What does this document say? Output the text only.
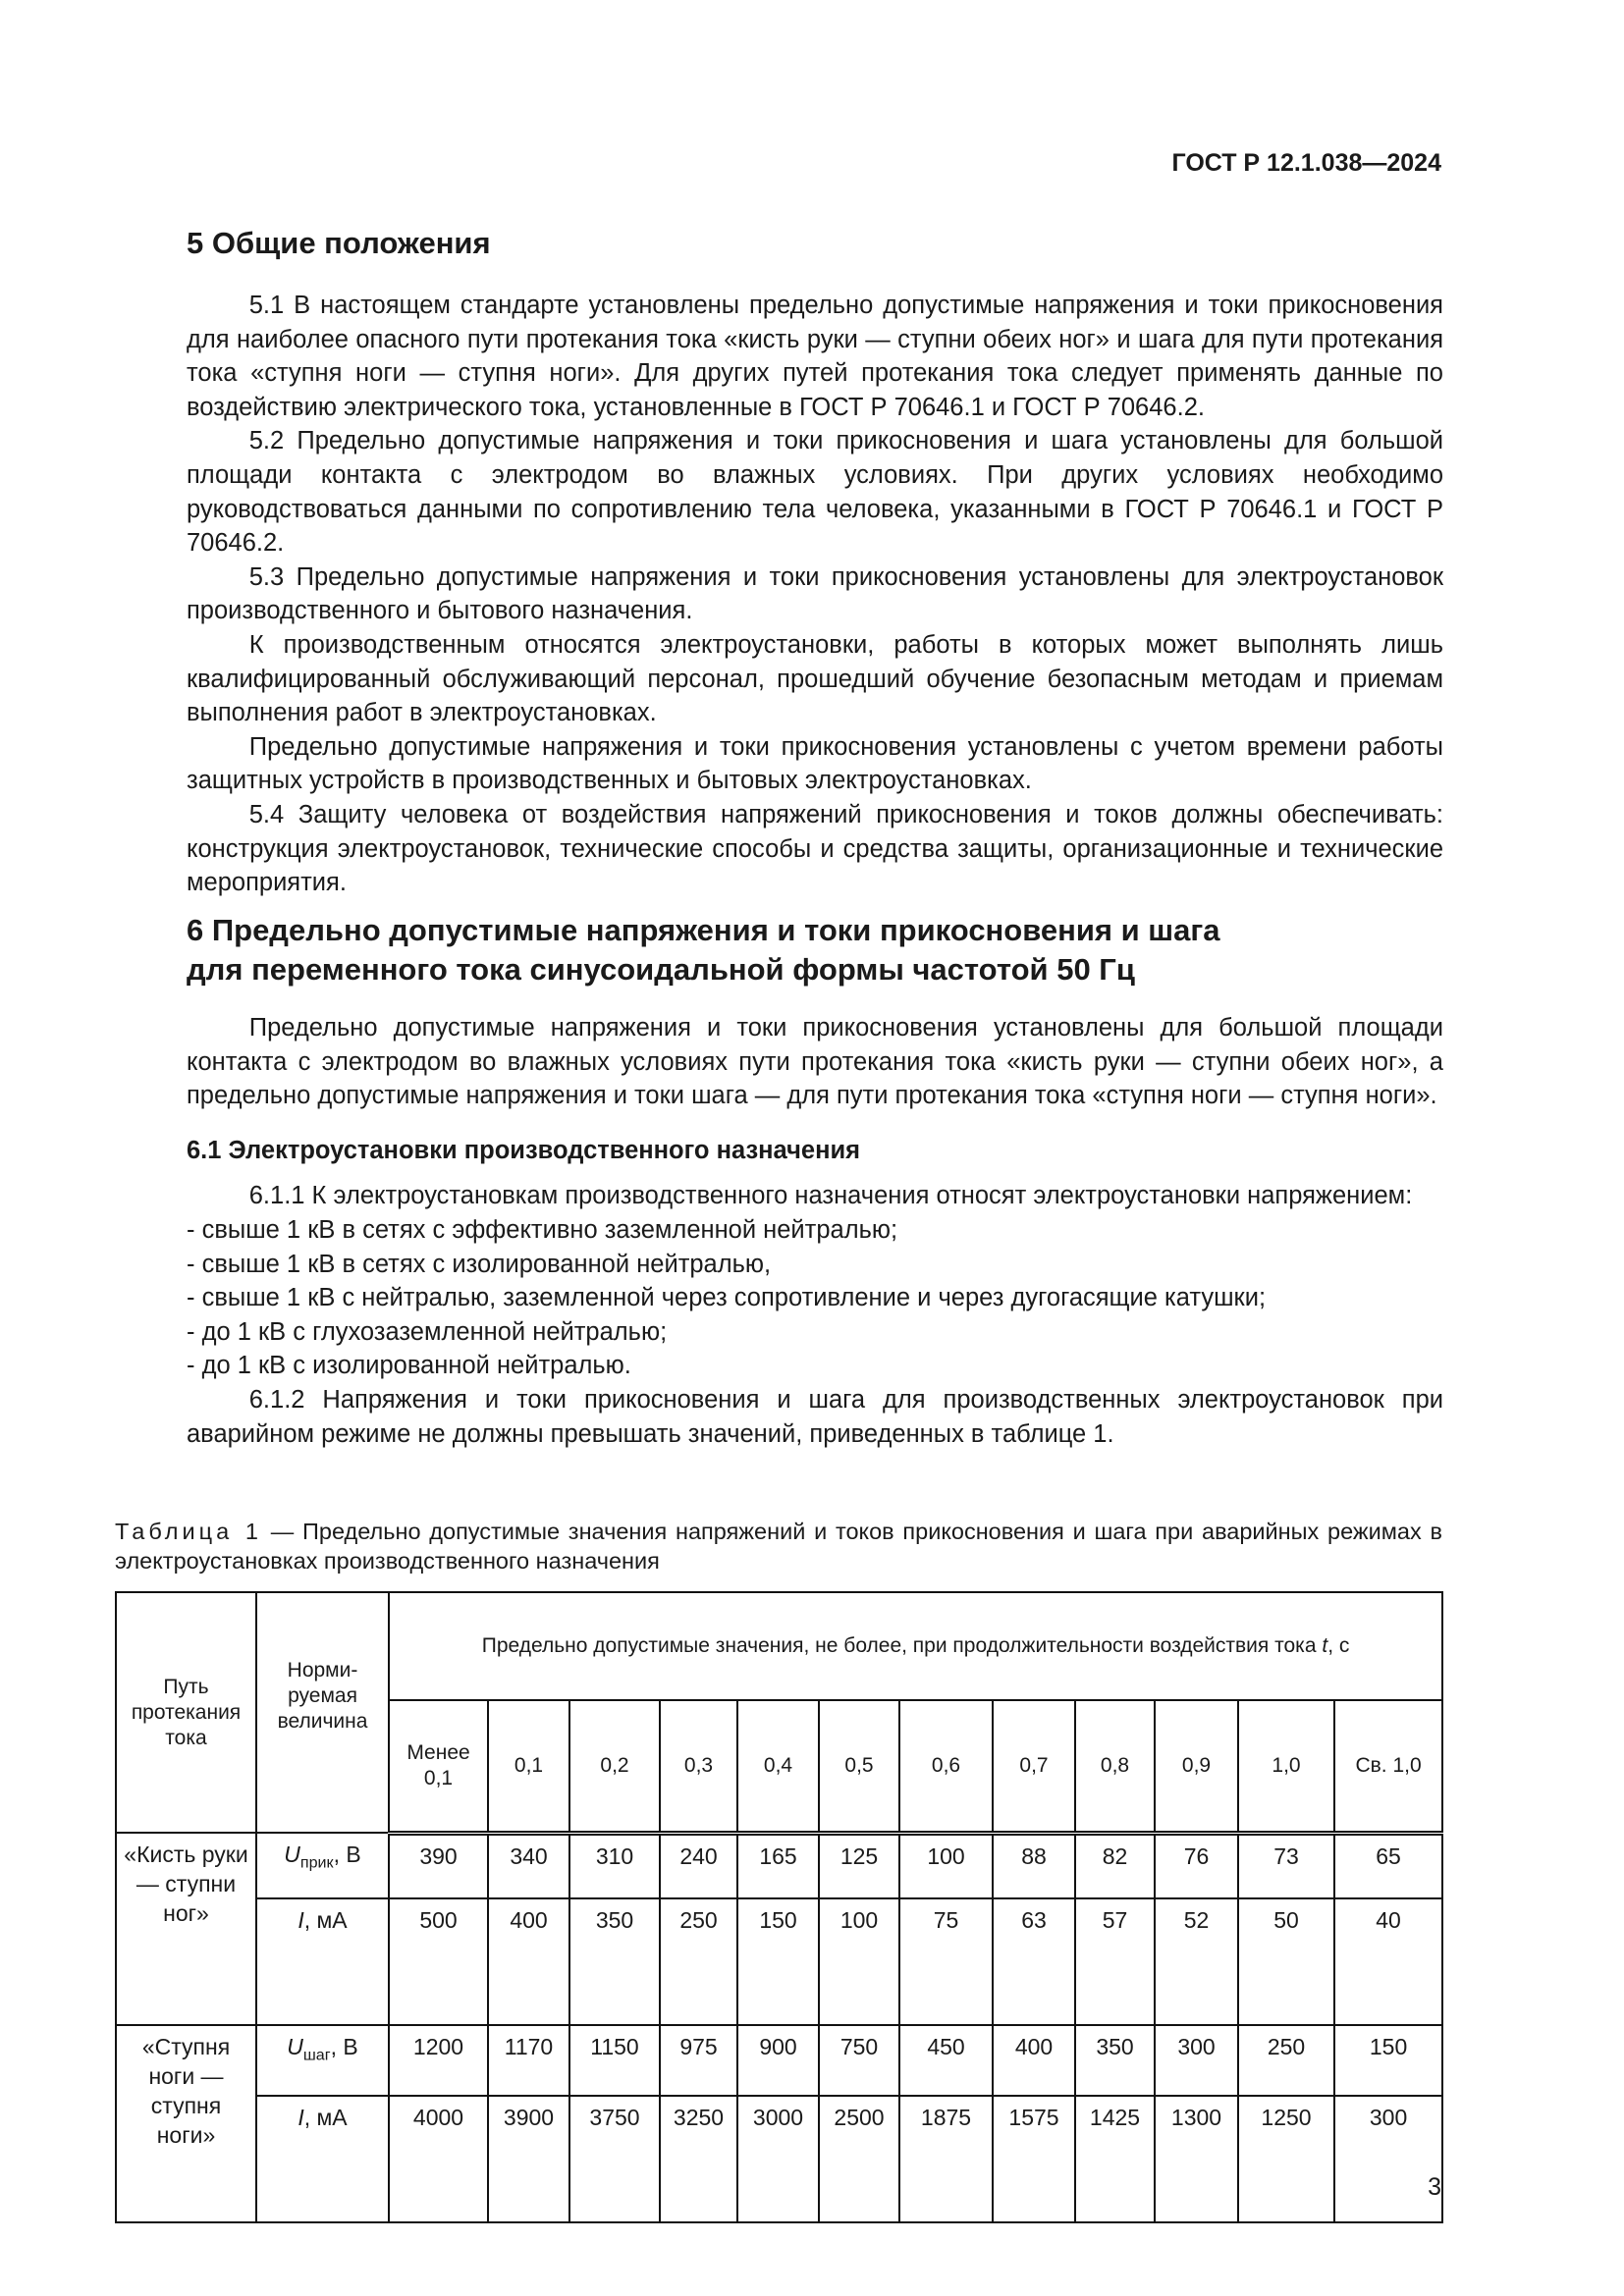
ГОСТ Р 12.1.038—2024
5 Общие положения

5.1 В настоящем стандарте установлены предельно допустимые напряжения и токи прикосновения для наиболее опасного пути протекания тока «кисть руки — ступни обеих ног» и шага для пути протекания тока «ступня ноги — ступня ноги». Для других путей протекания тока следует применять данные по воздействию электрического тока, установленные в ГОСТ Р 70646.1 и ГОСТ Р 70646.2.

5.2 Предельно допустимые напряжения и токи прикосновения и шага установлены для большой площади контакта с электродом во влажных условиях. При других условиях необходимо руководствоваться данными по сопротивлению тела человека, указанными в ГОСТ Р 70646.1 и ГОСТ Р 70646.2.

5.3 Предельно допустимые напряжения и токи прикосновения установлены для электроустановок производственного и бытового назначения.

К производственным относятся электроустановки, работы в которых может выполнять лишь квалифицированный обслуживающий персонал, прошедший обучение безопасным методам и приемам выполнения работ в электроустановках.

Предельно допустимые напряжения и токи прикосновения установлены с учетом времени работы защитных устройств в производственных и бытовых электроустановках.

5.4 Защиту человека от воздействия напряжений прикосновения и токов должны обеспечивать: конструкция электроустановок, технические способы и средства защиты, организационные и технические мероприятия.

6 Предельно допустимые напряжения и токи прикосновения и шага
для переменного тока синусоидальной формы частотой 50 Гц

Предельно допустимые напряжения и токи прикосновения установлены для большой площади контакта с электродом во влажных условиях пути протекания тока «кисть руки — ступни обеих ног», а предельно допустимые напряжения и токи шага — для пути протекания тока «ступня ноги — ступня ноги».

6.1 Электроустановки производственного назначения

6.1.1 К электроустановкам производственного назначения относят электроустановки напряжением:

- свыше 1 кВ в сетях с эффективно заземленной нейтралью;

- свыше 1 кВ в сетях с изолированной нейтралью,

- свыше 1 кВ с нейтралью, заземленной через сопротивление и через дугогасящие катушки;

- до 1 кВ с глухозаземленной нейтралью;

- до 1 кВ с изолированной нейтралью.

6.1.2 Напряжения и токи прикосновения и шага для производственных электроустановок при аварийном режиме не должны превышать значений, приведенных в таблице 1.

Таблица 1 — Предельно допустимые значения напряжений и токов прикосновения и шага при аварийных режимах в электроустановках производственного назначения
Путь протекания тока	Норми-руемая величина	Предельно допустимые значения, не более, при продолжительности воздействия тока t, с											
		Менее 0,1	0,1	0,2	0,3	0,4	0,5	0,6	0,7	0,8	0,9	1,0	Св. 1,0
«Кисть руки — ступни ног»	$U_{прик}$, В	390	340	310	240	165	125	100	88	82	76	73	65
	I, мА	500	400	350	250	150	100	75	63	57	52	50	40
«Ступня ноги — ступня ноги»	$U_{шаг}$, В	1200	1170	1150	975	900	750	450	400	350	300	250	150
	I, мА	4000	3900	3750	3250	3000	2500	1875	1575	1425	1300	1250	300
3
